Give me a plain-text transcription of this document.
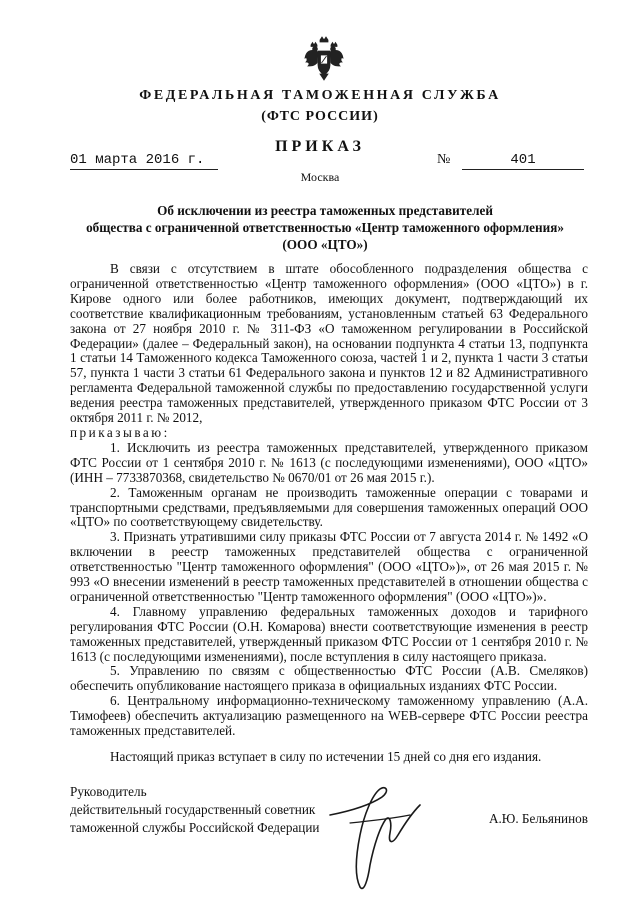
ФЕДЕРАЛЬНАЯ ТАМОЖЕННАЯ СЛУЖБА
(ФТС РОССИИ)
ПРИКАЗ
01 марта 2016 г.	№	401
Москва
Об исключении из реестра таможенных представителей
общества с ограниченной ответственностью «Центр таможенного оформления»
(ООО «ЦТО»)

В связи с отсутствием в штате обособленного подразделения общества с ограниченной ответственностью «Центр таможенного оформления» (ООО «ЦТО») в г. Кирове одного или более работников, имеющих документ, подтверждающий их соответствие квалификационным требованиям, установленным статьей 63 Федерального закона от 27 ноября 2010 г. № 311-ФЗ «О таможенном регулировании в Российской Федерации» (далее – Федеральный закон), на основании подпункта 4 статьи 13, подпункта 1 статьи 14 Таможенного кодекса Таможенного союза, частей 1 и 2, пункта 1 части 3 статьи 57, пункта 1 части 3 статьи 61 Федерального закона и пунктов 12 и 82 Административного регламента Федеральной таможенной службы по предоставлению государственной услуги ведения реестра таможенных представителей, утвержденного приказом ФТС России от 3 октября 2011 г. № 2012,

приказываю:

1. Исключить из реестра таможенных представителей, утвержденного приказом ФТС России от 1 сентября 2010 г. № 1613 (с последующими изменениями), ООО «ЦТО» (ИНН – 7733870368, свидетельство № 0670/01 от 26 мая 2015 г.).

2. Таможенным органам не производить таможенные операции с товарами и транспортными средствами, предъявляемыми для совершения таможенных операций ООО «ЦТО» по соответствующему свидетельству.

3. Признать утратившими силу приказы ФТС России от 7 августа 2014 г. № 1492 «О включении в реестр таможенных представителей общества с ограниченной ответственностью "Центр таможенного оформления" (ООО «ЦТО»)», от 26 мая 2015 г. № 993 «О внесении изменений в реестр таможенных представителей в отношении общества с ограниченной ответственностью "Центр таможенного оформления" (ООО «ЦТО»)».

4. Главному управлению федеральных таможенных доходов и тарифного регулирования ФТС России (О.Н. Комарова) внести соответствующие изменения в реестр таможенных представителей, утвержденный приказом ФТС России от 1 сентября 2010 г. № 1613 (с последующими изменениями), после вступления в силу настоящего приказа.

5. Управлению по связям с общественностью ФТС России (А.В. Смеляков) обеспечить опубликование настоящего приказа в официальных изданиях ФТС России.

6. Центральному информационно-техническому таможенному управлению (А.А. Тимофеев) обеспечить актуализацию размещенного на WEB-сервере ФТС России реестра таможенных представителей.

Настоящий приказ вступает в силу по истечении 15 дней со дня его издания.

Руководитель
действительный государственный советник
таможенной службы Российской Федерации
А.Ю. Бельянинов
